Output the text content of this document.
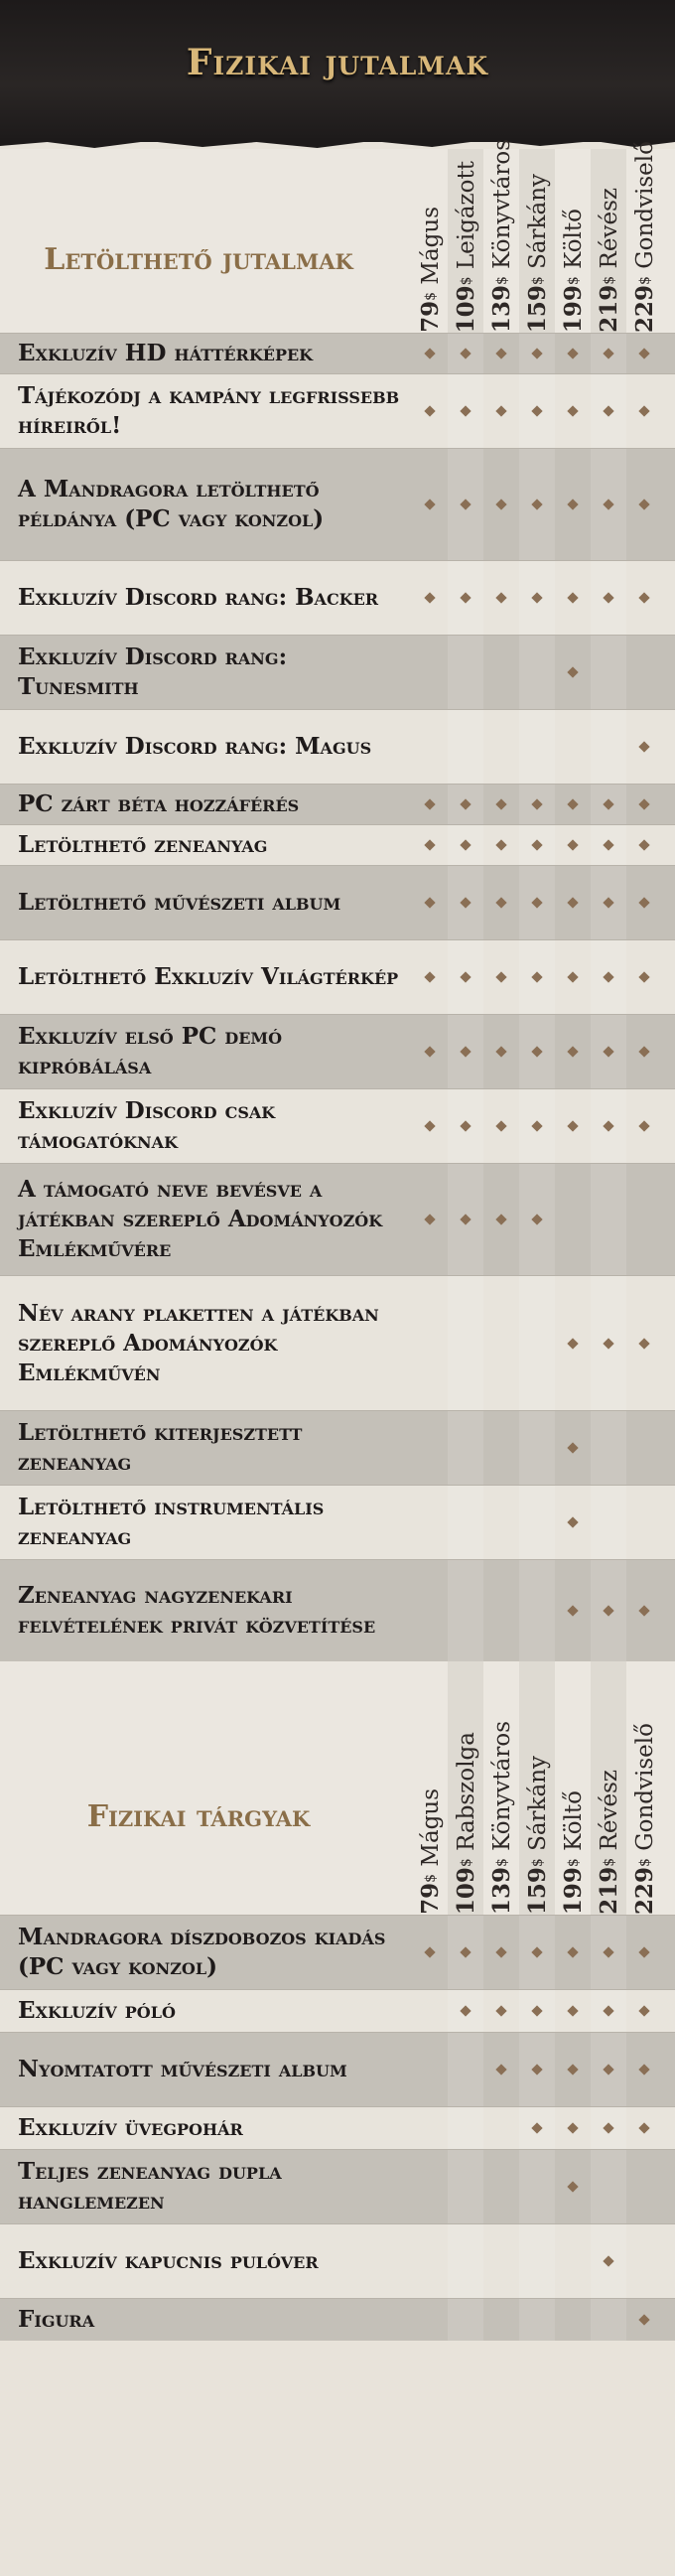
Fizikai jutalmak
79$ Mágus
109$ Leigázott
139$ Könyvtáros
159$ Sárkány
199$ Költő
219$ Révész
229$ Gondviselő
Letölthető jutalmak
Exkluzív HD háttérképek
Tájékozódj a kampány legfrissebb híreiről!
A Mandragora letölthető példánya (PC vagy konzol)
Exkluzív Discord rang: Backer
Exkluzív Discord rang: Tunesmith
Exkluzív Discord rang: Magus
PC zárt béta hozzáférés
Letölthető zeneanyag
Letölthető művészeti album
Letölthető Exkluzív Világtérkép
Exkluzív első PC demó kipróbálása
Exkluzív Discord csak támogatóknak
A támogató neve bevésve a játékban szereplő Adományozók Emlékművére
Név arany plaketten a játékban szereplő Adományozók Emlékművén
Letölthető kiterjesztett zeneanyag
Letölthető instrumentális zeneanyag
Zeneanyag nagyzenekari felvételének privát közvetítése
79$ Mágus
109$ Rabszolga
139$ Könyvtáros
159$ Sárkány
199$ Költő
219$ Révész
229$ Gondviselő
Fizikai tárgyak
Mandragora díszdobozos kiadás (PC vagy konzol)
Exkluzív póló
Nyomtatott művészeti album
Exkluzív üvegpohár
Teljes zeneanyag dupla hanglemezen
Exkluzív kapucnis pulóver
Figura
